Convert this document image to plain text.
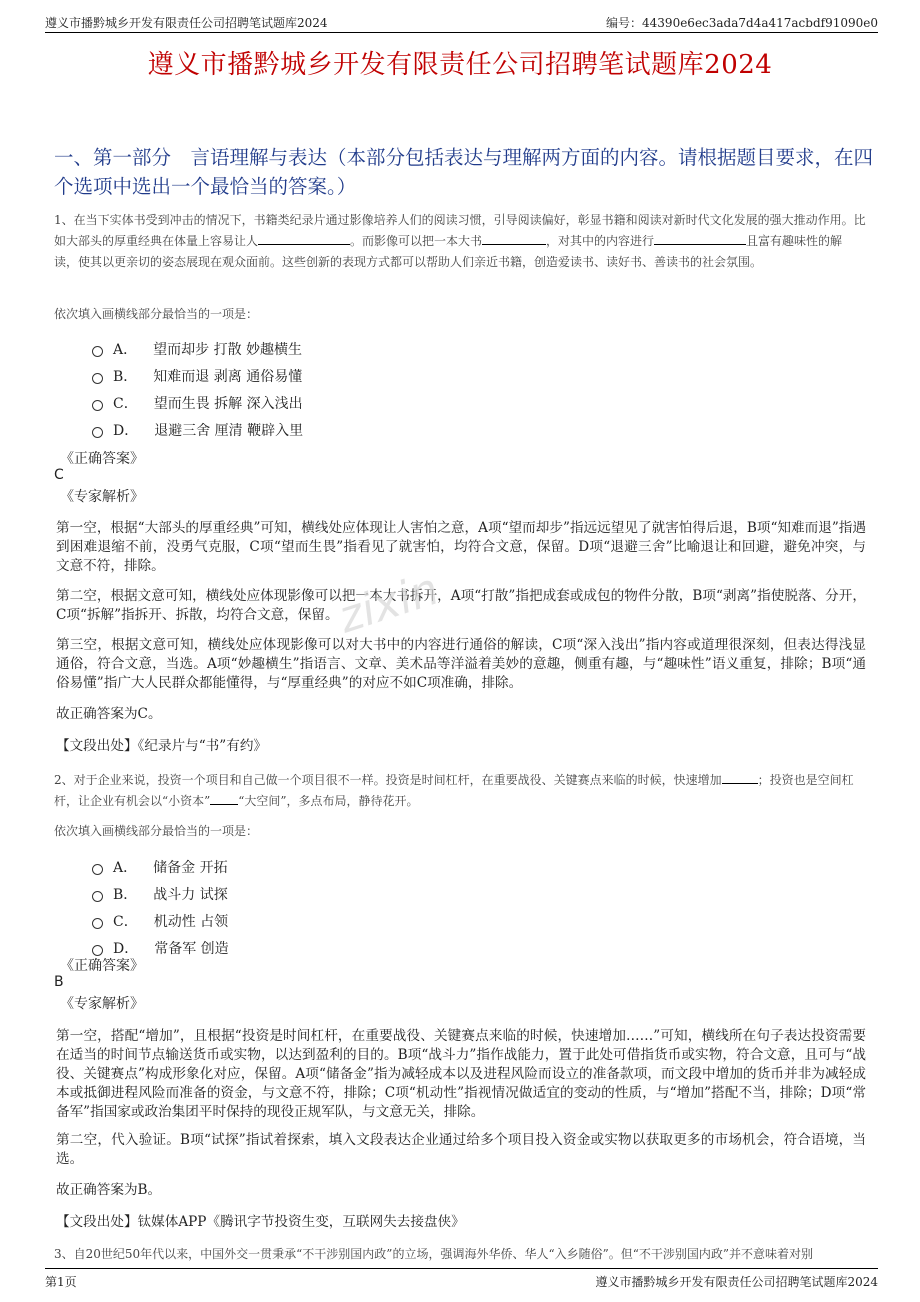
遵义市播黔城乡开发有限责任公司招聘笔试题库2024	编号：44390e6ec3ada7d4a417acbdf91090e0
遵义市播黔城乡开发有限责任公司招聘笔试题库2024
一、第一部分　言语理解与表达（本部分包括表达与理解两方面的内容。请根据题目要求，在四个选项中选出一个最恰当的答案。）
1、在当下实体书受到冲击的情况下，书籍类纪录片通过影像培养人们的阅读习惯，引导阅读偏好，彰显书籍和阅读对新时代文化发展的强大推动作用。比如大部头的厚重经典在体量上容易让人	。而影像可以把一本大书	，对其中的内容进行	且富有趣味性的解读，使其以更亲切的姿态展现在观众面前。这些创新的表现方式都可以帮助人们亲近书籍，创造爱读书、读好书、善读书的社会氛围。
依次填入画横线部分最恰当的一项是：
A． 望而却步 打散 妙趣横生
B． 知难而退 剥离 通俗易懂
C． 望而生畏 拆解 深入浅出
D． 退避三舍 厘清 鞭辟入里
《正确答案》
C
《专家解析》
第一空，根据“大部头的厚重经典”可知，横线处应体现让人害怕之意，A项“望而却步”指远远望见了就害怕得后退，B项“知难而退”指遇到困难退缩不前，没勇气克服，C项“望而生畏”指看见了就害怕，均符合文意，保留。D项“退避三舍”比喻退让和回避，避免冲突，与文意不符，排除。
第二空，根据文意可知，横线处应体现影像可以把一本大书拆开，A项“打散”指把成套或成包的物件分散，B项“剥离”指使脱落、分开，C项“拆解”指拆开、拆散，均符合文意，保留。
第三空，根据文意可知，横线处应体现影像可以对大书中的内容进行通俗的解读，C项“深入浅出”指内容或道理很深刻，但表达得浅显通俗，符合文意，当选。A项“妙趣横生”指语言、文章、美术品等洋溢着美妙的意趣，侧重有趣，与“趣味性”语义重复，排除；B项“通俗易懂”指广大人民群众都能懂得，与“厚重经典”的对应不如C项准确，排除。
故正确答案为C。
【文段出处】《纪录片与“书”有约》
2、对于企业来说，投资一个项目和自己做一个项目很不一样。投资是时间杠杆，在重要战役、关键赛点来临的时候，快速增加	；投资也是空间杠杆，让企业有机会以“小资本” “大空间”，多点布局，静待花开。
依次填入画横线部分最恰当的一项是：
A． 储备金 开拓
B． 战斗力 试探
C． 机动性 占领
D． 常备军 创造
《正确答案》
B
《专家解析》
第一空，搭配“增加”，且根据“投资是时间杠杆，在重要战役、关键赛点来临的时候，快速增加……”可知，横线所在句子表达投资需要在适当的时间节点输送货币或实物，以达到盈利的目的。B项“战斗力”指作战能力，置于此处可借指货币或实物，符合文意，且可与“战役、关键赛点”构成形象化对应，保留。A项“储备金”指为减轻成本以及进程风险而设立的准备款项，而文段中增加的货币并非为减轻成本或抵御进程风险而准备的资金，与文意不符，排除；C项“机动性”指视情况做适宜的变动的性质，与“增加”搭配不当，排除；D项“常备军”指国家或政治集团平时保持的现役正规军队，与文意无关，排除。
第二空，代入验证。B项“试探”指试着探索，填入文段表达企业通过给多个项目投入资金或实物以获取更多的市场机会，符合语境，当选。
故正确答案为B。
【文段出处】钛媒体APP《腾讯字节投资生变，互联网失去接盘侠》
3、自20世纪50年代以来，中国外交一贯秉承“不干涉别国内政”的立场，强调海外华侨、华人“入乡随俗”。但“不干涉别国内政”并不意味着对别
zixin
第1页	遵义市播黔城乡开发有限责任公司招聘笔试题库2024
